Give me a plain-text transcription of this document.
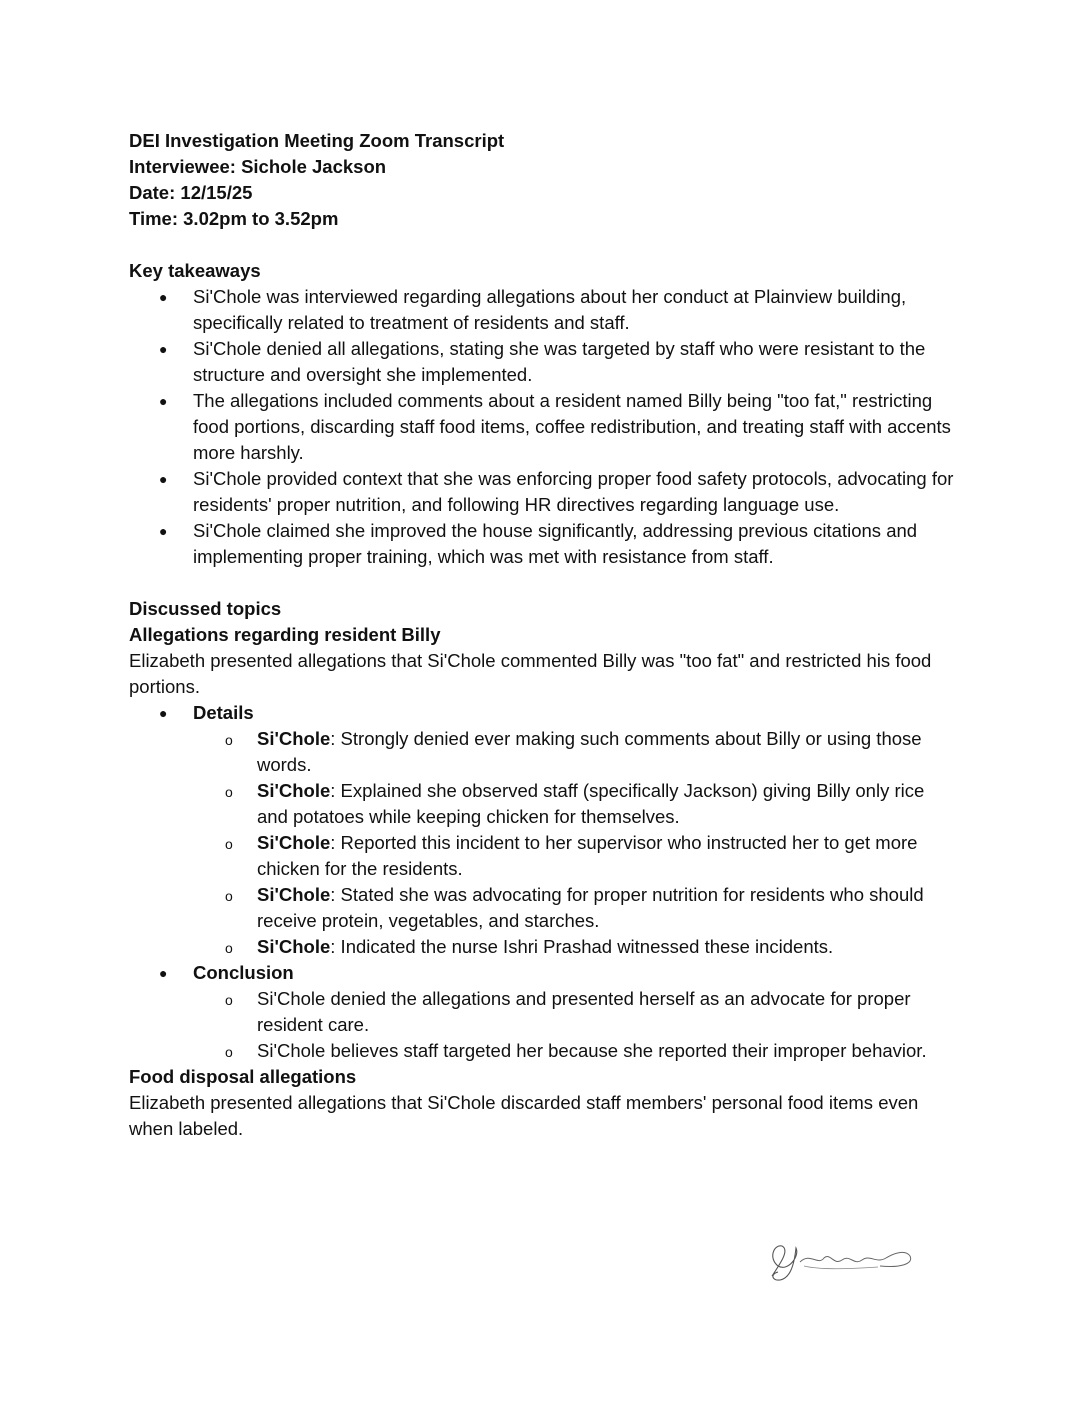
DEI Investigation Meeting Zoom Transcript
Interviewee: Sichole Jackson
Date: 12/15/25
Time: 3.02pm to 3.52pm
Key takeaways
● Si'Chole was interviewed regarding allegations about her conduct at Plainview building, specifically related to treatment of residents and staff.
● Si'Chole denied all allegations, stating she was targeted by staff who were resistant to the structure and oversight she implemented.
● The allegations included comments about a resident named Billy being "too fat," restricting food portions, discarding staff food items, coffee redistribution, and treating staff with accents more harshly.
● Si'Chole provided context that she was enforcing proper food safety protocols, advocating for residents' proper nutrition, and following HR directives regarding language use.
● Si'Chole claimed she improved the house significantly, addressing previous citations and implementing proper training, which was met with resistance from staff.
Discussed topics
Allegations regarding resident Billy
Elizabeth presented allegations that Si'Chole commented Billy was "too fat" and restricted his food portions.
● Details
o Si'Chole: Strongly denied ever making such comments about Billy or using those words.
o Si'Chole: Explained she observed staff (specifically Jackson) giving Billy only rice and potatoes while keeping chicken for themselves.
o Si'Chole: Reported this incident to her supervisor who instructed her to get more chicken for the residents.
o Si'Chole: Stated she was advocating for proper nutrition for residents who should receive protein, vegetables, and starches.
o Si'Chole: Indicated the nurse Ishri Prashad witnessed these incidents.
● Conclusion
o Si'Chole denied the allegations and presented herself as an advocate for proper resident care.
o Si'Chole believes staff targeted her because she reported their improper behavior.
Food disposal allegations
Elizabeth presented allegations that Si'Chole discarded staff members' personal food items even when labeled.
